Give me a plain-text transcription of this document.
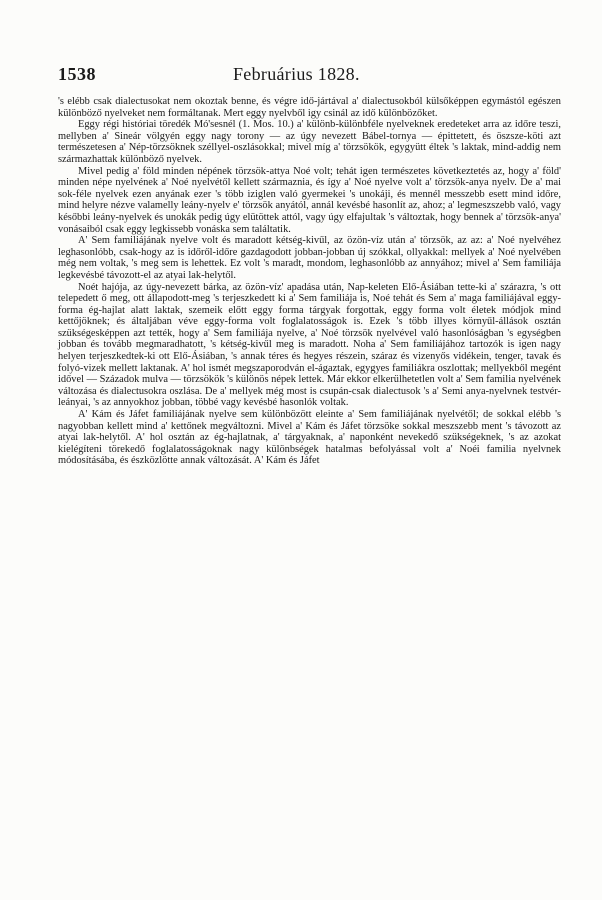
1538	Februárius 1828.

's elébb csak dialectusokat nem okoztak benne, és végre idő-jártával a' dialectusokból külsőképpen egymástól egészen különböző nyelveket nem formáltanak. Mert eggy nyelvből igy csinál az idő különbözőket.

Eggy régi históriai töredék Mó'sesnél (1. Mos. 10.) a' különb-különbféle nyelveknek eredeteket arra az időre teszi, mellyben a' Sineár völgyén eggy nagy torony — az úgy nevezett Bábel-tornya — épittetett, és öszsze-köti azt természetesen a' Nép-törzsöknek széllyel-oszlásokkal; mivel míg a' törzsökök, egygyütt éltek 's laktak, mind-addig nem származhattak különböző nyelvek.

Mivel pedig a' föld minden népének törzsök-attya Noé volt; tehát igen természetes következtetés az, hogy a' föld' minden népe nyelvének a' Noé nyelvétől kellett származnia, és így a' Noé nyelve volt a' törzsök-anya nyelv. De a' mai sok-féle nyelvek ezen anyának ezer 's több iziglen való gyermekei 's unokáji, és mennél messzebb esett mind időre, mind helyre nézve valamelly leány-nyelv e' törzsök anyától, annál kevésbé hasonlít az, ahoz; a' legmeszszebb való, vagy későbbi leány-nyelvek és unokák pedig úgy elütöttek attól, vagy úgy elfajultak 's változtak, hogy bennek a' törzsök-anya' vonásaiból csak eggy legkissebb vonáska sem találtatik.

A' Sem familiájának nyelve volt és maradott kétség-kivűl, az özön-víz után a' törzsök, az az: a' Noé nyelvéhez leghasonlóbb, csak-hogy az is időről-időre gazdagodott jobban-jobban új szókkal, ollyakkal: mellyek a' Noé nyelvében még nem voltak, 's meg sem is lehettek. Ez volt 's maradt, mondom, leghasonlóbb az annyához; mivel a' Sem familiája legkevésbé távozott-el az atyai lak-helytől.

Noét hajója, az úgy-nevezett bárka, az özön-víz' apadása után, Nap-keleten Elő-Ásiában tette-ki a' szárazra, 's ott telepedett ő meg, ott állapodott-meg 's terjeszkedett ki a' Sem familiája is, Noé tehát és Sem a' maga familiájával eggy-forma ég-hajlat alatt laktak, szemeik előtt eggy forma tárgyak forgottak, eggy forma volt életek módjok mind kettőjöknek; és általjában véve eggy-forma volt foglalatosságok is. Ezek 's több illyes környűl-állások osztán szükségesképpen azt tették, hogy a' Sem familiája nyelve, a' Noé törzsök nyelvével való hasonlóságban 's egységben jobban és tovább megmaradhatott, 's kétség-kivűl meg is maradott. Noha a' Sem familiájához tartozók is igen nagy helyen terjeszkedtek-ki ott Elő-Ásiában, 's annak téres és hegyes részein, száraz és vizenyős vidékein, tenger, tavak és folyó-vizek mellett laktanak. A' hol ismét megszaporodván el-ágaztak, egygyes familiákra oszlottak; mellyekből megént idővel — Századok mulva — törzsökök 's különös népek lettek. Már ekkor elkerülhetetlen volt a' Sem familia nyelvének változása és dialectusokra oszlása. De a' mellyek még most is csupán-csak dialectusok 's a' Semi anya-nyelvnek testvér-leányai, 's az annyokhoz jobban, többé vagy kevésbé hasonlók voltak.

A' Kám és Jáfet familiájának nyelve sem különbözött eleinte a' Sem familiájának nyelvétől; de sokkal elébb 's nagyobban kellett mind a' kettőnek megváltozni. Mivel a' Kám és Jáfet törzsöke sokkal meszszebb ment 's távozott az atyai lak-helytől. A' hol osztán az ég-hajlatnak, a' tárgyaknak, a' naponként nevekedő szükségeknek, 's az azokat kielégíteni törekedő foglalatosságoknak nagy különbségek hatalmas befolyással volt a' Noéi familia nyelvnek módosításába, és észközlötte annak változását. A' Kám és Jáfet
